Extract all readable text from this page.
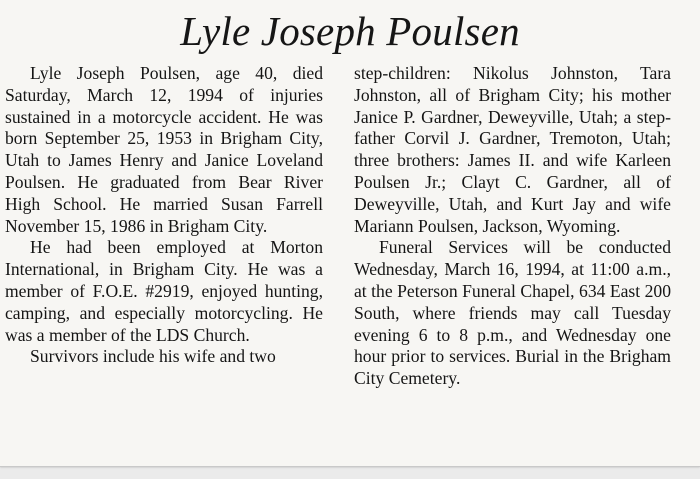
Lyle Joseph Poulsen

Lyle Joseph Poulsen, age 40, died Saturday, March 12, 1994 of injuries sustained in a motorcycle accident. He was born September 25, 1953 in Brigham City, Utah to James Henry and Janice Loveland Poulsen. He graduated from Bear River High School. He married Susan Farrell November 15, 1986 in Brigham City.

He had been employed at Morton International, in Brigham City. He was a member of F.O.E. #2919, enjoyed hunting, camping, and especially motorcycling. He was a member of the LDS Church.

Survivors include his wife and two

step-children: Nikolus Johnston, Tara Johnston, all of Brigham City; his mother Janice P. Gardner, Deweyville, Utah; a step-father Corvil J. Gardner, Tremoton, Utah; three brothers: James II. and wife Karleen Poulsen Jr.; Clayt C. Gardner, all of Deweyville, Utah, and Kurt Jay and wife Mariann Poulsen, Jackson, Wyoming.

Funeral Services will be conducted Wednesday, March 16, 1994, at 11:00 a.m., at the Peterson Funeral Chapel, 634 East 200 South, where friends may call Tuesday evening 6 to 8 p.m., and Wednesday one hour prior to services. Burial in the Brigham City Cemetery.
